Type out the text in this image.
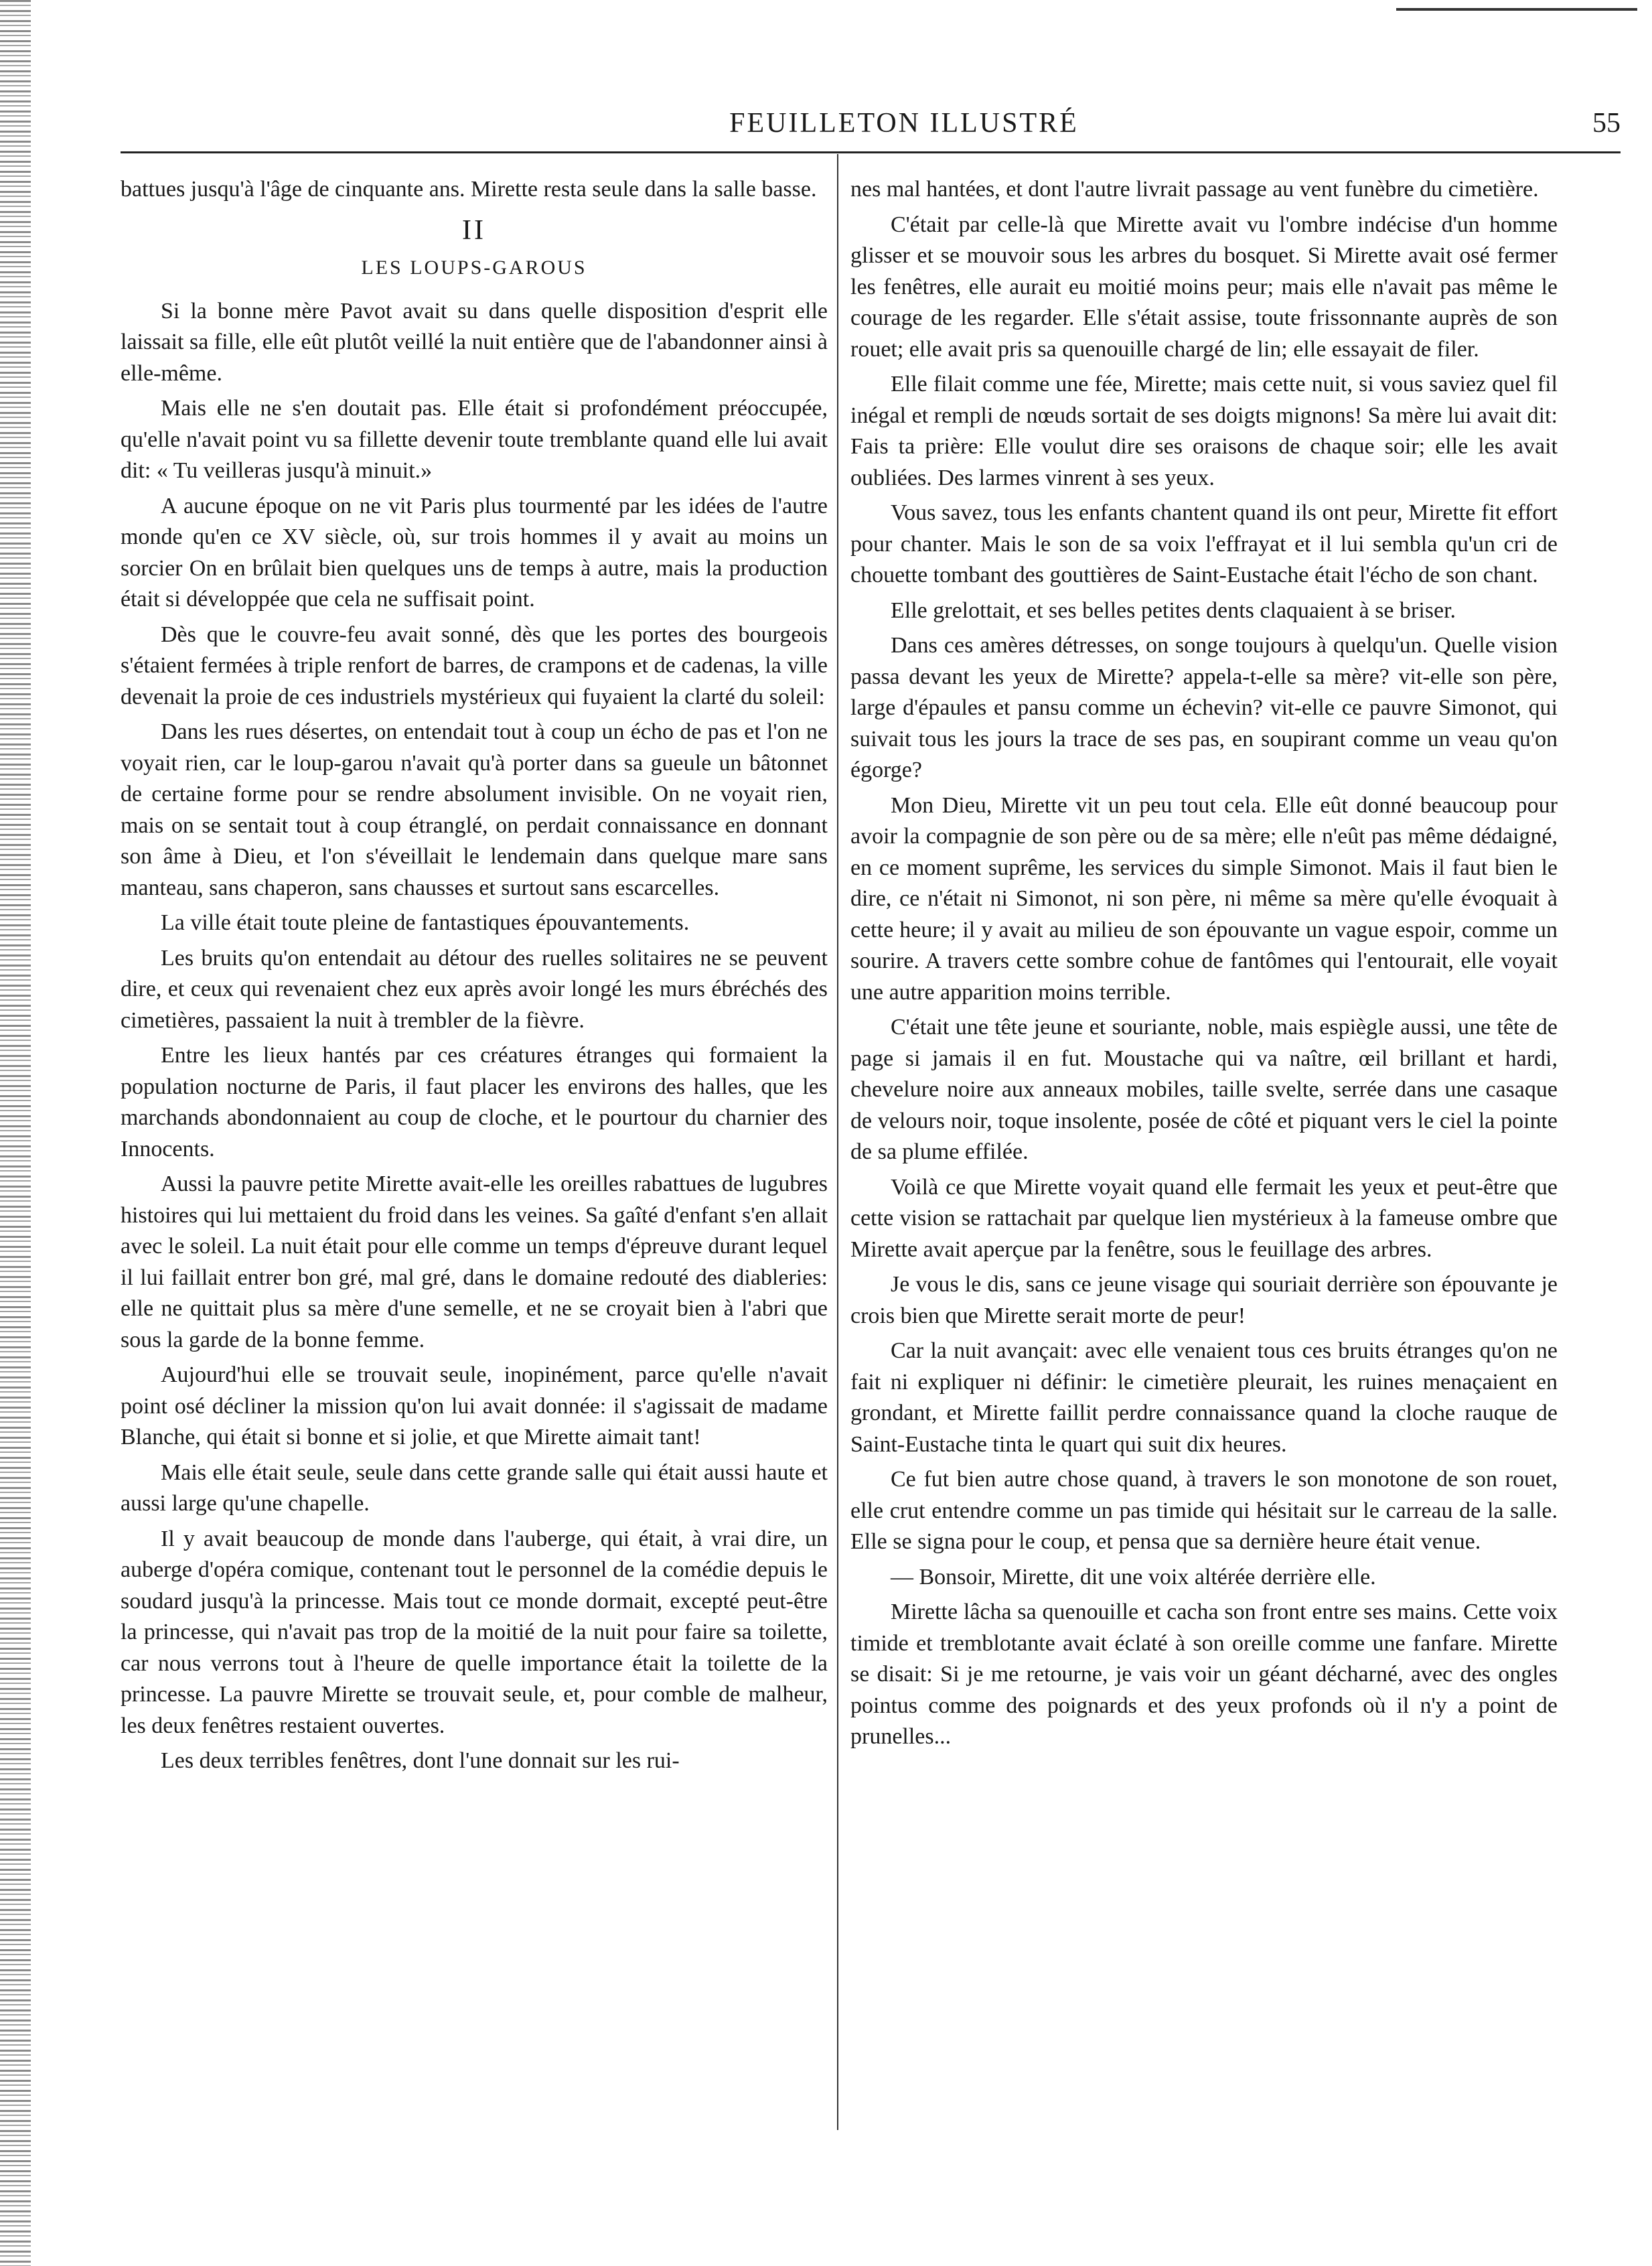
FEUILLETON ILLUSTRÉ	55

battues jusqu'à l'âge de cinquante ans. Mirette resta seule dans la salle basse.

II
LES LOUPS-GAROUS

Si la bonne mère Pavot avait su dans quelle disposition d'esprit elle laissait sa fille, elle eût plutôt veillé la nuit entière que de l'abandonner ainsi à elle-même.

Mais elle ne s'en doutait pas. Elle était si profondément préoccupée, qu'elle n'avait point vu sa fillette devenir toute tremblante quand elle lui avait dit: « Tu veilleras jusqu'à minuit.»

A aucune époque on ne vit Paris plus tourmenté par les idées de l'autre monde qu'en ce XV siècle, où, sur trois hommes il y avait au moins un sorcier On en brûlait bien quelques uns de temps à autre, mais la production était si développée que cela ne suffisait point.

Dès que le couvre-feu avait sonné, dès que les portes des bourgeois s'étaient fermées à triple renfort de barres, de crampons et de cadenas, la ville devenait la proie de ces industriels mystérieux qui fuyaient la clarté du soleil:

Dans les rues désertes, on entendait tout à coup un écho de pas et l'on ne voyait rien, car le loup-garou n'avait qu'à porter dans sa gueule un bâtonnet de certaine forme pour se rendre absolument invisible. On ne voyait rien, mais on se sentait tout à coup étranglé, on perdait connaissance en donnant son âme à Dieu, et l'on s'éveillait le lendemain dans quelque mare sans manteau, sans chaperon, sans chausses et surtout sans escarcelles.

La ville était toute pleine de fantastiques épouvantements.

Les bruits qu'on entendait au détour des ruelles solitaires ne se peuvent dire, et ceux qui revenaient chez eux après avoir longé les murs ébréchés des cimetières, passaient la nuit à trembler de la fièvre.

Entre les lieux hantés par ces créatures étranges qui formaient la population nocturne de Paris, il faut placer les environs des halles, que les marchands abondonnaient au coup de cloche, et le pourtour du charnier des Innocents.

Aussi la pauvre petite Mirette avait-elle les oreilles rabattues de lugubres histoires qui lui mettaient du froid dans les veines. Sa gaîté d'enfant s'en allait avec le soleil. La nuit était pour elle comme un temps d'épreuve durant lequel il lui faillait entrer bon gré, mal gré, dans le domaine redouté des diableries: elle ne quittait plus sa mère d'une semelle, et ne se croyait bien à l'abri que sous la garde de la bonne femme.

Aujourd'hui elle se trouvait seule, inopinément, parce qu'elle n'avait point osé décliner la mission qu'on lui avait donnée: il s'agissait de madame Blanche, qui était si bonne et si jolie, et que Mirette aimait tant!

Mais elle était seule, seule dans cette grande salle qui était aussi haute et aussi large qu'une chapelle.

Il y avait beaucoup de monde dans l'auberge, qui était, à vrai dire, un auberge d'opéra comique, contenant tout le personnel de la comédie depuis le soudard jusqu'à la princesse. Mais tout ce monde dormait, excepté peut-être la princesse, qui n'avait pas trop de la moitié de la nuit pour faire sa toilette, car nous verrons tout à l'heure de quelle importance était la toilette de la princesse. La pauvre Mirette se trouvait seule, et, pour comble de malheur, les deux fenêtres restaient ouvertes.

Les deux terribles fenêtres, dont l'une donnait sur les rui-

nes mal hantées, et dont l'autre livrait passage au vent funèbre du cimetière.

C'était par celle-là que Mirette avait vu l'ombre indécise d'un homme glisser et se mouvoir sous les arbres du bosquet. Si Mirette avait osé fermer les fenêtres, elle aurait eu moitié moins peur; mais elle n'avait pas même le courage de les regarder. Elle s'était assise, toute frissonnante auprès de son rouet; elle avait pris sa quenouille chargé de lin; elle essayait de filer.

Elle filait comme une fée, Mirette; mais cette nuit, si vous saviez quel fil inégal et rempli de nœuds sortait de ses doigts mignons! Sa mère lui avait dit: Fais ta prière: Elle voulut dire ses oraisons de chaque soir; elle les avait oubliées. Des larmes vinrent à ses yeux.

Vous savez, tous les enfants chantent quand ils ont peur, Mirette fit effort pour chanter. Mais le son de sa voix l'effrayat et il lui sembla qu'un cri de chouette tombant des gouttières de Saint-Eustache était l'écho de son chant.

Elle grelottait, et ses belles petites dents claquaient à se briser.

Dans ces amères détresses, on songe toujours à quelqu'un. Quelle vision passa devant les yeux de Mirette? appela-t-elle sa mère? vit-elle son père, large d'épaules et pansu comme un échevin? vit-elle ce pauvre Simonot, qui suivait tous les jours la trace de ses pas, en soupirant comme un veau qu'on égorge?

Mon Dieu, Mirette vit un peu tout cela. Elle eût donné beaucoup pour avoir la compagnie de son père ou de sa mère; elle n'eût pas même dédaigné, en ce moment suprême, les services du simple Simonot. Mais il faut bien le dire, ce n'était ni Simonot, ni son père, ni même sa mère qu'elle évoquait à cette heure; il y avait au milieu de son épouvante un vague espoir, comme un sourire. A travers cette sombre cohue de fantômes qui l'entourait, elle voyait une autre apparition moins terrible.

C'était une tête jeune et souriante, noble, mais espiègle aussi, une tête de page si jamais il en fut. Moustache qui va naître, œil brillant et hardi, chevelure noire aux anneaux mobiles, taille svelte, serrée dans une casaque de velours noir, toque insolente, posée de côté et piquant vers le ciel la pointe de sa plume effilée.

Voilà ce que Mirette voyait quand elle fermait les yeux et peut-être que cette vision se rattachait par quelque lien mystérieux à la fameuse ombre que Mirette avait aperçue par la fenêtre, sous le feuillage des arbres.

Je vous le dis, sans ce jeune visage qui souriait derrière son épouvante je crois bien que Mirette serait morte de peur!

Car la nuit avançait: avec elle venaient tous ces bruits étranges qu'on ne fait ni expliquer ni définir: le cimetière pleurait, les ruines menaçaient en grondant, et Mirette faillit perdre connaissance quand la cloche rauque de Saint-Eustache tinta le quart qui suit dix heures.

Ce fut bien autre chose quand, à travers le son monotone de son rouet, elle crut entendre comme un pas timide qui hésitait sur le carreau de la salle. Elle se signa pour le coup, et pensa que sa dernière heure était venue.

— Bonsoir, Mirette, dit une voix altérée derrière elle.

Mirette lâcha sa quenouille et cacha son front entre ses mains. Cette voix timide et tremblotante avait éclaté à son oreille comme une fanfare. Mirette se disait: Si je me retourne, je vais voir un géant décharné, avec des ongles pointus comme des poignards et des yeux profonds où il n'y a point de prunelles...
